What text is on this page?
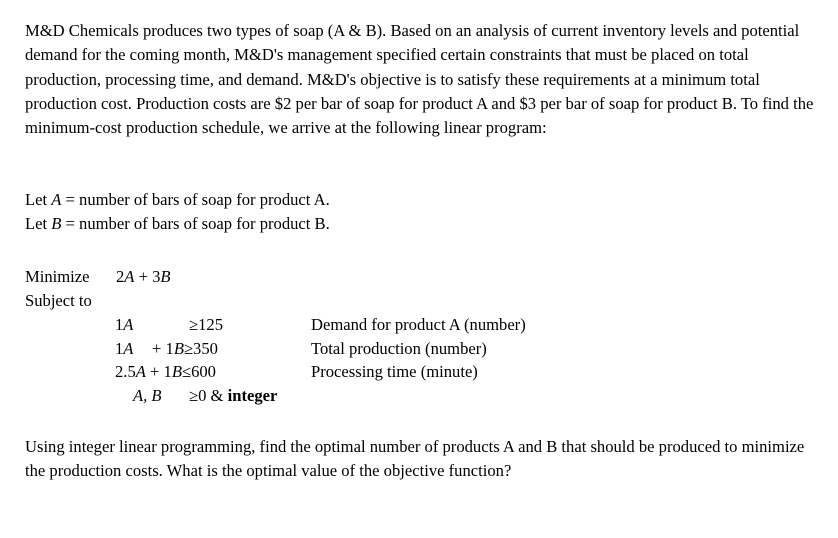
M&D Chemicals produces two types of soap (A & B). Based on an analysis of current inventory levels and potential demand for the coming month, M&D's management specified certain constraints that must be placed on total production, processing time, and demand. M&D's objective is to satisfy these requirements at a minimum total production cost. Production costs are $2 per bar of soap for product A and $3 per bar of soap for product B. To find the minimum-cost production schedule, we arrive at the following linear program:

Let A = number of bars of soap for product A.
Let B = number of bars of soap for product B.
Minimize 2A + 3B
Subject to
1A	≥125	Demand for product A (number)
1A + 1B≥350	Total production (number)
2.5A + 1B≤600	Processing time (minute)
A, B ≥0 & integer

Using integer linear programming, find the optimal number of products A and B that should be produced to minimize the production costs. What is the optimal value of the objective function?
